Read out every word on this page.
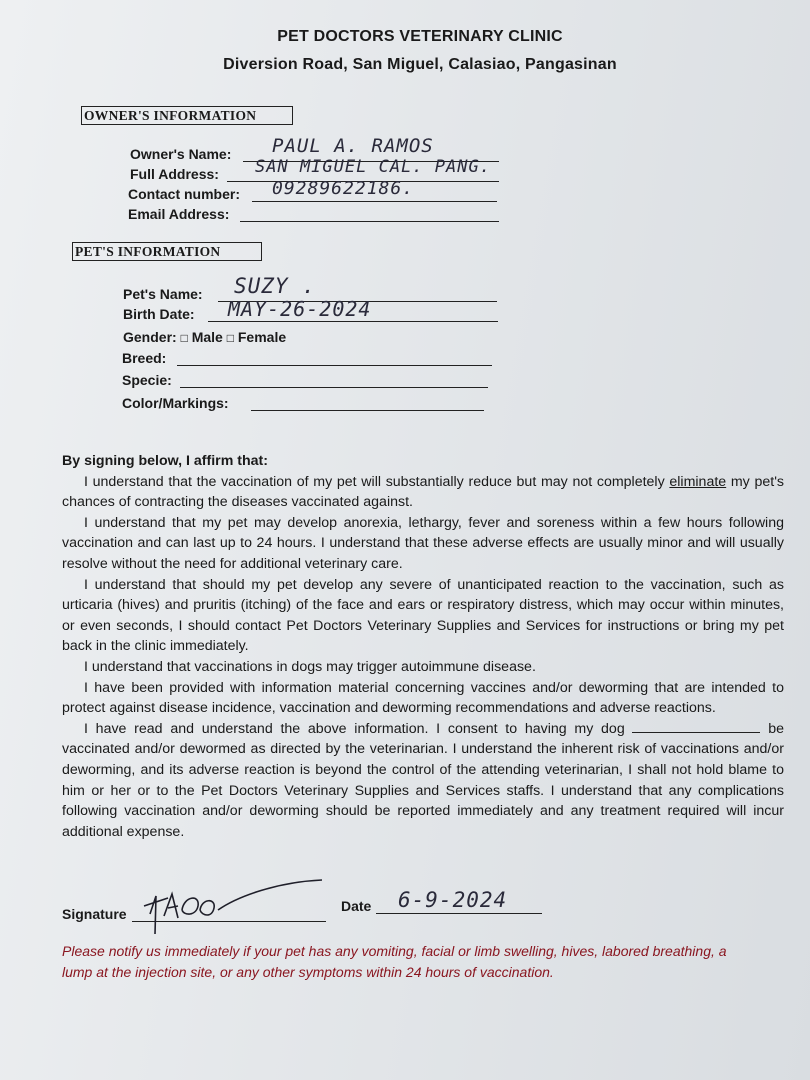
PET DOCTORS VETERINARY CLINIC
Diversion Road, San Miguel, Calasiao, Pangasinan
OWNER'S INFORMATION
Owner's Name: PAUL A. RAMOS
Full Address: SAN MIGUEL CAL. PANG.
Contact number: 09289622186.
Email Address:
PET'S INFORMATION
Pet's Name: SUZY .
Birth Date: MAY-26-2024
Gender: □ Male □ Female
Breed:
Specie:
Color/Markings:

By signing below, I affirm that:

I understand that the vaccination of my pet will substantially reduce but may not completely eliminate my pet's chances of contracting the diseases vaccinated against.

I understand that my pet may develop anorexia, lethargy, fever and soreness within a few hours following vaccination and can last up to 24 hours. I understand that these adverse effects are usually minor and will usually resolve without the need for additional veterinary care.

I understand that should my pet develop any severe of unanticipated reaction to the vaccination, such as urticaria (hives) and pruritis (itching) of the face and ears or respiratory distress, which may occur within minutes, or even seconds, I should contact Pet Doctors Veterinary Supplies and Services for instructions or bring my pet back in the clinic immediately.

I understand that vaccinations in dogs may trigger autoimmune disease.

I have been provided with information material concerning vaccines and/or deworming that are intended to protect against disease incidence, vaccination and deworming recommendations and adverse reactions.

I have read and understand the above information. I consent to having my dog	be vaccinated and/or dewormed as directed by the veterinarian. I understand the inherent risk of vaccinations and/or deworming, and its adverse reaction is beyond the control of the attending veterinarian, I shall not hold blame to him or her or to the Pet Doctors Veterinary Supplies and Services staffs. I understand that any complications following vaccination and/or deworming should be reported immediately and any treatment required will incur additional expense.

Signature	Date 6-9-2024
Please notify us immediately if your pet has any vomiting, facial or limb swelling, hives, labored breathing, a lump at the injection site, or any other symptoms within 24 hours of vaccination.
